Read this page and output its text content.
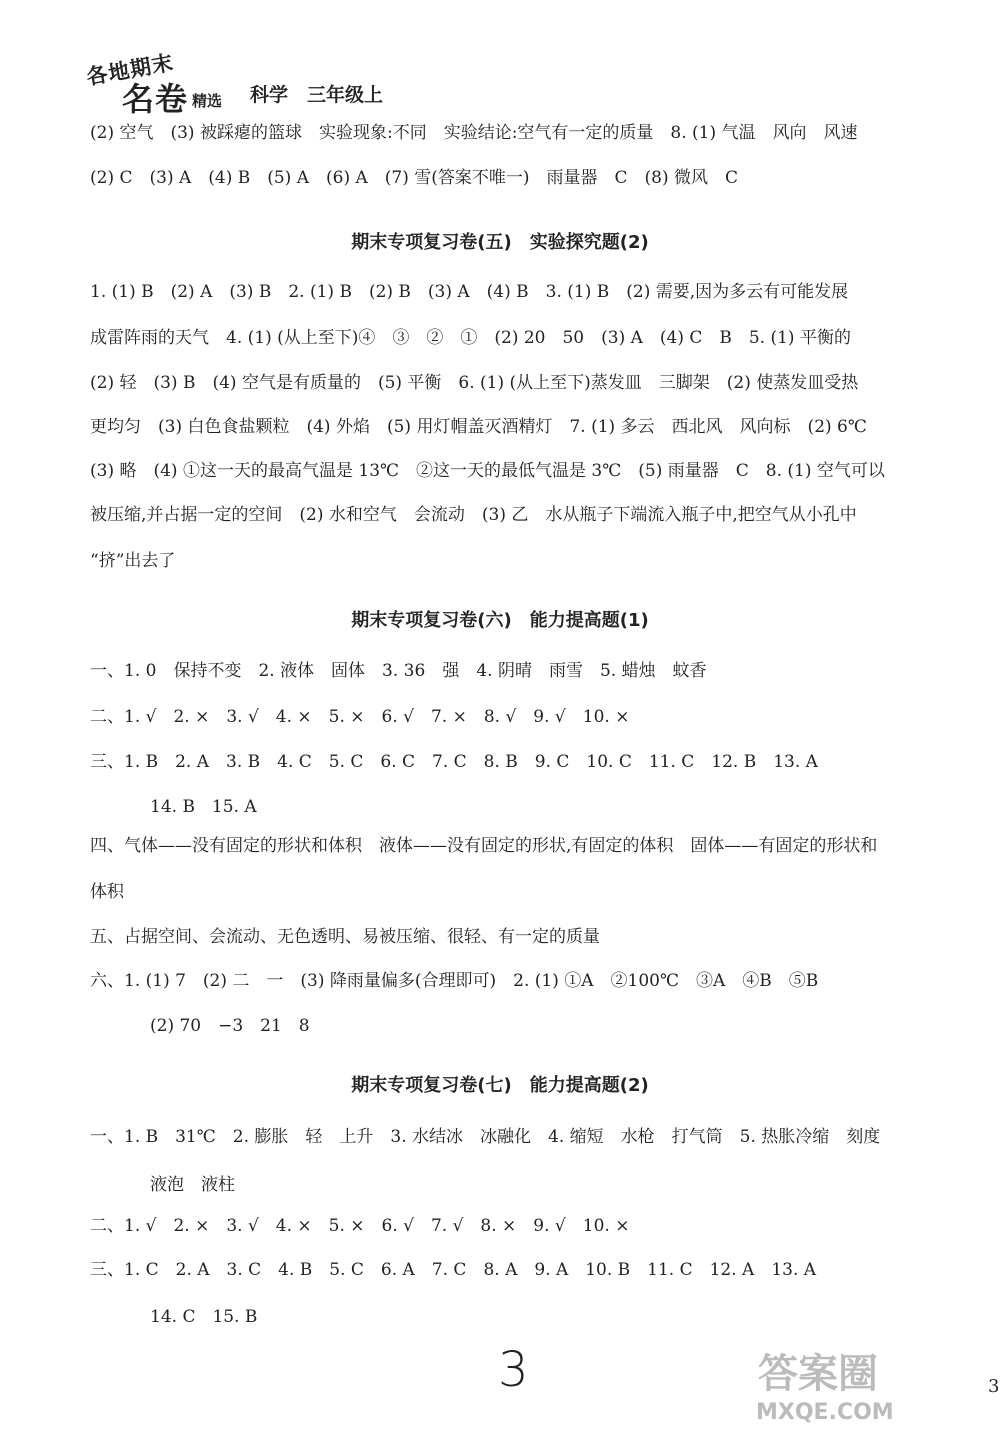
各地期末
名卷 精选 科学　三年级上
(2) 空气　(3) 被踩瘪的篮球　实验现象:不同　实验结论:空气有一定的质量　8. (1) 气温　风向　风速
(2) C　(3) A　(4) B　(5) A　(6) A　(7) 雪(答案不唯一)　雨量器　C　(8) 微风　C
期末专项复习卷(五)　实验探究题(2)
1. (1) B　(2) A　(3) B　2. (1) B　(2) B　(3) A　(4) B　3. (1) B　(2) 需要,因为多云有可能发展
成雷阵雨的天气　4. (1) (从上至下)④　③　②　①　(2) 20　50　(3) A　(4) C　B　5. (1) 平衡的
(2) 轻　(3) B　(4) 空气是有质量的　(5) 平衡　6. (1) (从上至下)蒸发皿　三脚架　(2) 使蒸发皿受热
更均匀　(3) 白色食盐颗粒　(4) 外焰　(5) 用灯帽盖灭酒精灯　7. (1) 多云　西北风　风向标　(2) 6℃
(3) 略　(4) ①这一天的最高气温是 13℃　②这一天的最低气温是 3℃　(5) 雨量器　C　8. (1) 空气可以
被压缩,并占据一定的空间　(2) 水和空气　会流动　(3) 乙　水从瓶子下端流入瓶子中,把空气从小孔中
“挤”出去了
期末专项复习卷(六)　能力提高题(1)
一、1. 0　保持不变　2. 液体　固体　3. 36　强　4. 阴晴　雨雪　5. 蜡烛　蚊香
二、1. √　2. ×　3. √　4. ×　5. ×　6. √　7. ×　8. √　9. √　10. ×
三、1. B　2. A　3. B　4. C　5. C　6. C　7. C　8. B　9. C　10. C　11. C　12. B　13. A
14. B　15. A
四、气体——没有固定的形状和体积　液体——没有固定的形状,有固定的体积　固体——有固定的形状和
体积
五、占据空间、会流动、无色透明、易被压缩、很轻、有一定的质量
六、1. (1) 7　(2) 二　一　(3) 降雨量偏多(合理即可)　2. (1) ①A　②100℃　③A　④B　⑤B
(2) 70　−3　21　8
期末专项复习卷(七)　能力提高题(2)
一、1. B　31℃　2. 膨胀　轻　上升　3. 水结冰　冰融化　4. 缩短　水枪　打气筒　5. 热胀冷缩　刻度
液泡　液柱
二、1. √　2. ×　3. √　4. ×　5. ×　6. √　7. √　8. ×　9. √　10. ×
三、1. C　2. A　3. C　4. B　5. C　6. A　7. C　8. A　9. A　10. B　11. C　12. A　13. A
14. C　15. B
3	答案圈
MXQE.COM
3
